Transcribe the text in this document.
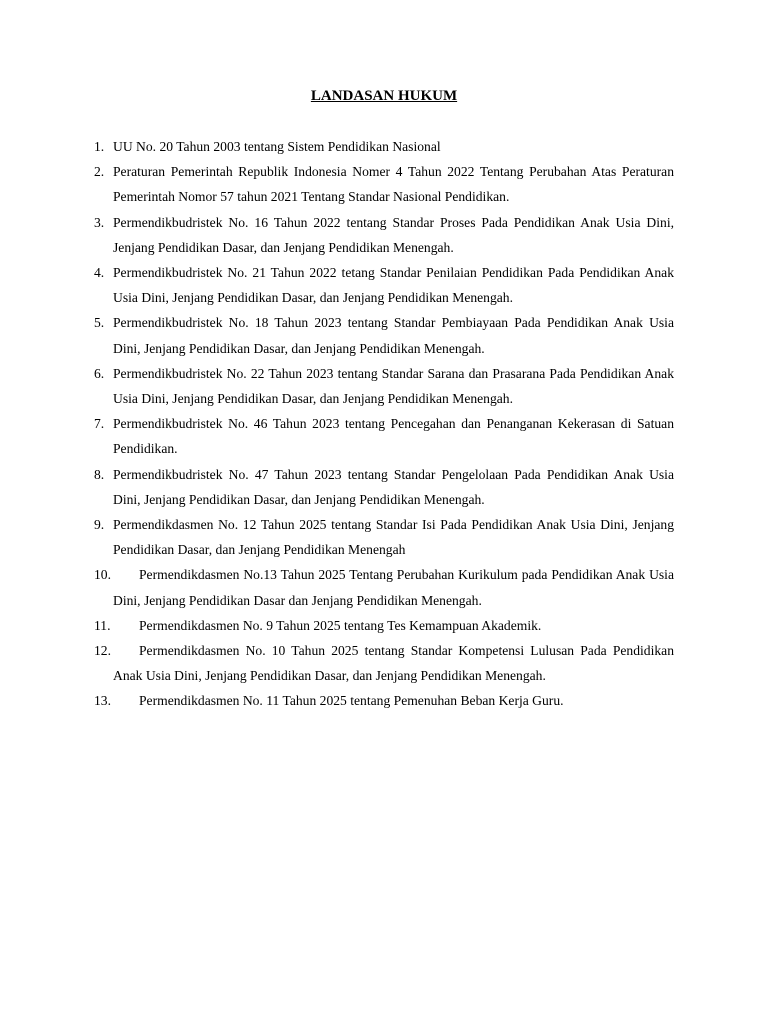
LANDASAN HUKUM
1. UU No. 20 Tahun 2003 tentang Sistem Pendidikan Nasional
2. Peraturan Pemerintah Republik Indonesia Nomer 4 Tahun 2022 Tentang Perubahan Atas Peraturan Pemerintah Nomor 57 tahun 2021 Tentang Standar Nasional Pendidikan.
3. Permendikbudristek No. 16 Tahun 2022 tentang Standar Proses Pada Pendidikan Anak Usia Dini, Jenjang Pendidikan Dasar, dan Jenjang Pendidikan Menengah.
4. Permendikbudristek No. 21 Tahun 2022 tetang Standar Penilaian Pendidikan Pada Pendidikan Anak Usia Dini, Jenjang Pendidikan Dasar, dan Jenjang Pendidikan Menengah.
5. Permendikbudristek No. 18 Tahun 2023 tentang Standar Pembiayaan Pada Pendidikan Anak Usia Dini, Jenjang Pendidikan Dasar, dan Jenjang Pendidikan Menengah.
6. Permendikbudristek No. 22 Tahun 2023 tentang Standar Sarana dan Prasarana Pada Pendidikan Anak Usia Dini, Jenjang Pendidikan Dasar, dan Jenjang Pendidikan Menengah.
7. Permendikbudristek No. 46 Tahun 2023 tentang Pencegahan dan Penanganan Kekerasan di Satuan Pendidikan.
8. Permendikbudristek No. 47 Tahun 2023 tentang Standar Pengelolaan Pada Pendidikan Anak Usia Dini, Jenjang Pendidikan Dasar, dan Jenjang Pendidikan Menengah.
9. Permendikdasmen No. 12 Tahun 2025 tentang Standar Isi Pada Pendidikan Anak Usia Dini, Jenjang Pendidikan Dasar, dan Jenjang Pendidikan Menengah
10.	Permendikdasmen No.13 Tahun 2025 Tentang Perubahan Kurikulum pada Pendidikan Anak Usia Dini, Jenjang Pendidikan Dasar dan Jenjang Pendidikan Menengah.
11.	Permendikdasmen No. 9 Tahun 2025 tentang Tes Kemampuan Akademik.
12.	Permendikdasmen No. 10 Tahun 2025 tentang Standar Kompetensi Lulusan Pada Pendidikan Anak Usia Dini, Jenjang Pendidikan Dasar, dan Jenjang Pendidikan Menengah.
13.	Permendikdasmen No. 11 Tahun 2025 tentang Pemenuhan Beban Kerja Guru.
